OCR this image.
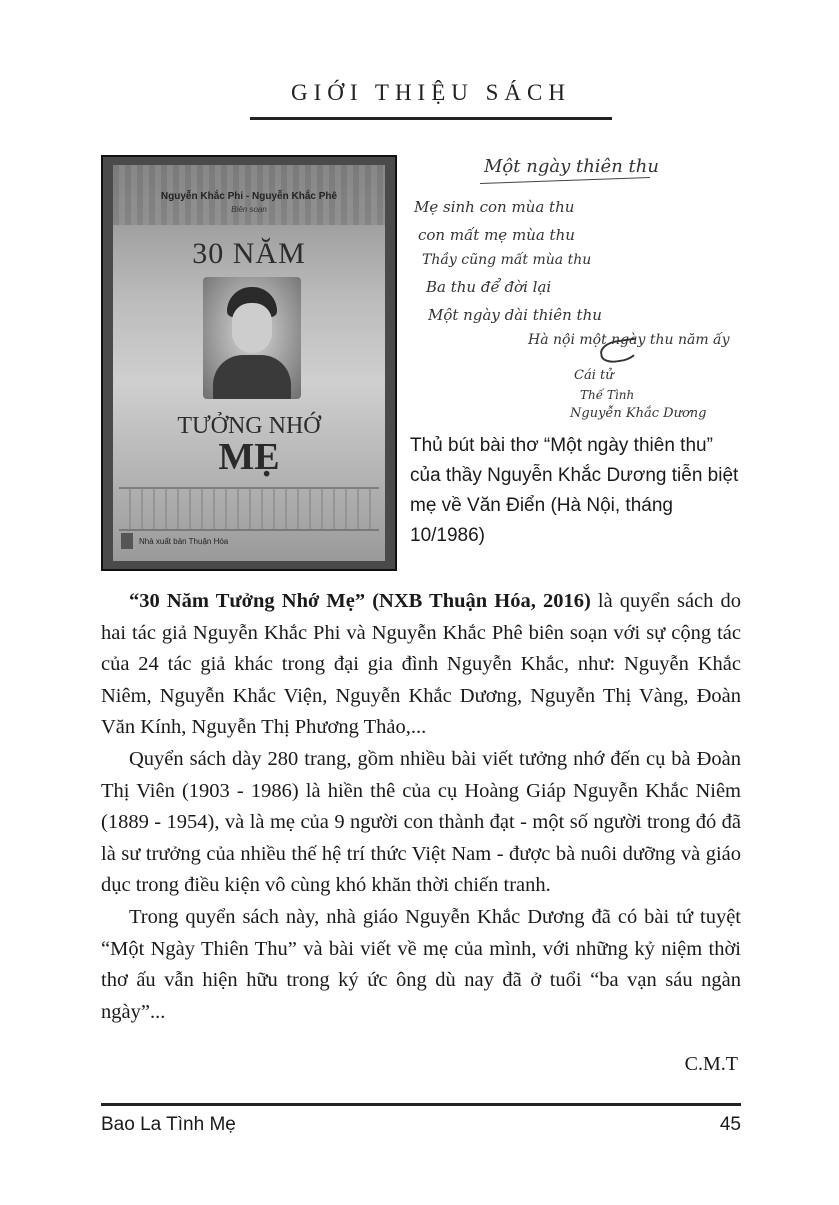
GIỚI THIỆU SÁCH
Nguyễn Khắc Phi - Nguyễn Khắc Phê
Biên soạn
30 NĂM
TƯỞNG NHỚ
MẸ
Nhà xuất bản Thuận Hóa
Một ngày thiên thu
Mẹ sinh con mùa thu
con mất mẹ mùa thu
Thầy cũng mất mùa thu
Ba thu để đời lại
Một ngày dài thiên thu
Hà nội một ngày thu năm ấy
Cái tử
Thế Tình
Nguyễn Khắc Dương
Thủ bút bài thơ “Một ngày thiên thu” của thầy Nguyễn Khắc Dương tiễn biệt mẹ về Văn Điển (Hà Nội, tháng 10/1986)

“30 Năm Tưởng Nhớ Mẹ” (NXB Thuận Hóa, 2016) là quyển sách do hai tác giả Nguyễn Khắc Phi và Nguyễn Khắc Phê biên soạn với sự cộng tác của 24 tác giả khác trong đại gia đình Nguyễn Khắc, như: Nguyễn Khắc Niêm, Nguyễn Khắc Viện, Nguyễn Khắc Dương, Nguyễn Thị Vàng, Đoàn Văn Kính, Nguyễn Thị Phương Thảo,...

Quyển sách dày 280 trang, gồm nhiều bài viết tưởng nhớ đến cụ bà Đoàn Thị Viên (1903 - 1986) là hiền thê của cụ Hoàng Giáp Nguyễn Khắc Niêm (1889 - 1954), và là mẹ của 9 người con thành đạt - một số người trong đó đã là sư trưởng của nhiều thế hệ trí thức Việt Nam - được bà nuôi dưỡng và giáo dục trong điều kiện vô cùng khó khăn thời chiến tranh.

Trong quyển sách này, nhà giáo Nguyễn Khắc Dương đã có bài tứ tuyệt “Một Ngày Thiên Thu” và bài viết về mẹ của mình, với những kỷ niệm thời thơ ấu vẫn hiện hữu trong ký ức ông dù nay đã ở tuổi “ba vạn sáu ngàn ngày”...

C.M.T
Bao La Tình Mẹ	45
